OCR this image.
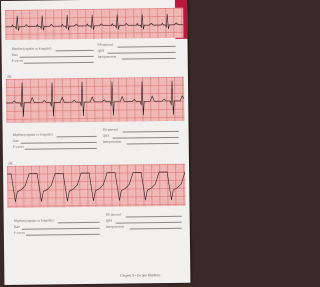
Rhythm (regular or irregular)
Rate
P waves
PR interval
QRS
Interpretation
18.
Rhythm (regular or irregular)
Rate
P waves
PR interval
QRS
Interpretation
19.
Rhythm (regular or irregular)
Rate
P waves
PR interval
QRS
Interpretation
Chapter 9 • Escape Rhythms
